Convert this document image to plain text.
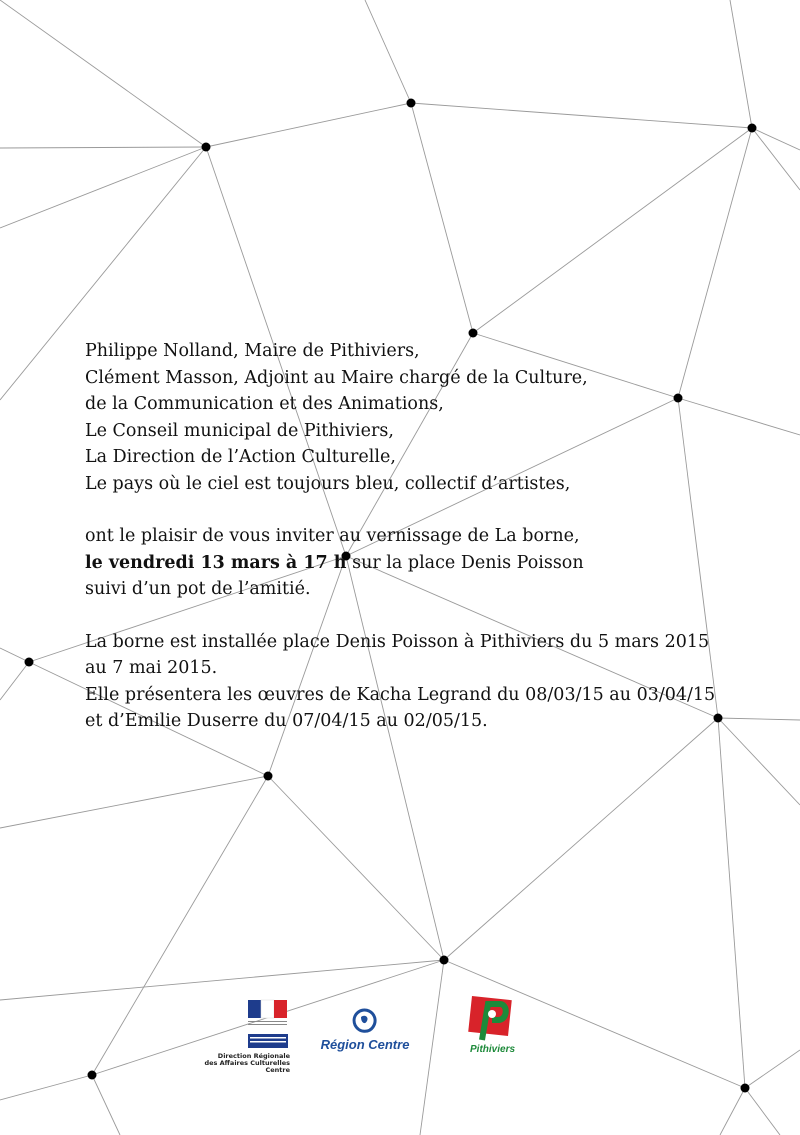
Philippe Nolland, Maire de Pithiviers,

Clément Masson, Adjoint au Maire chargé de la Culture,

de la Communication et des Animations,

Le Conseil municipal de Pithiviers,

La Direction de l’Action Culturelle,

Le pays où le ciel est toujours bleu, collectif d’artistes,

ont le plaisir de vous inviter au vernissage de La borne,

le vendredi 13 mars à 17 h sur la place Denis Poisson

suivi d’un pot de l’amitié.

La borne est installée place Denis Poisson à Pithiviers du 5 mars 2015

au 7 mai 2015.

Elle présentera les œuvres de Kacha Legrand du 08/03/15 au 03/04/15

et d’Emilie Duserre du 07/04/15 au 02/05/15.

Direction Régionale
des Affaires Culturelles
Centre
Région Centre	Pithiviers
